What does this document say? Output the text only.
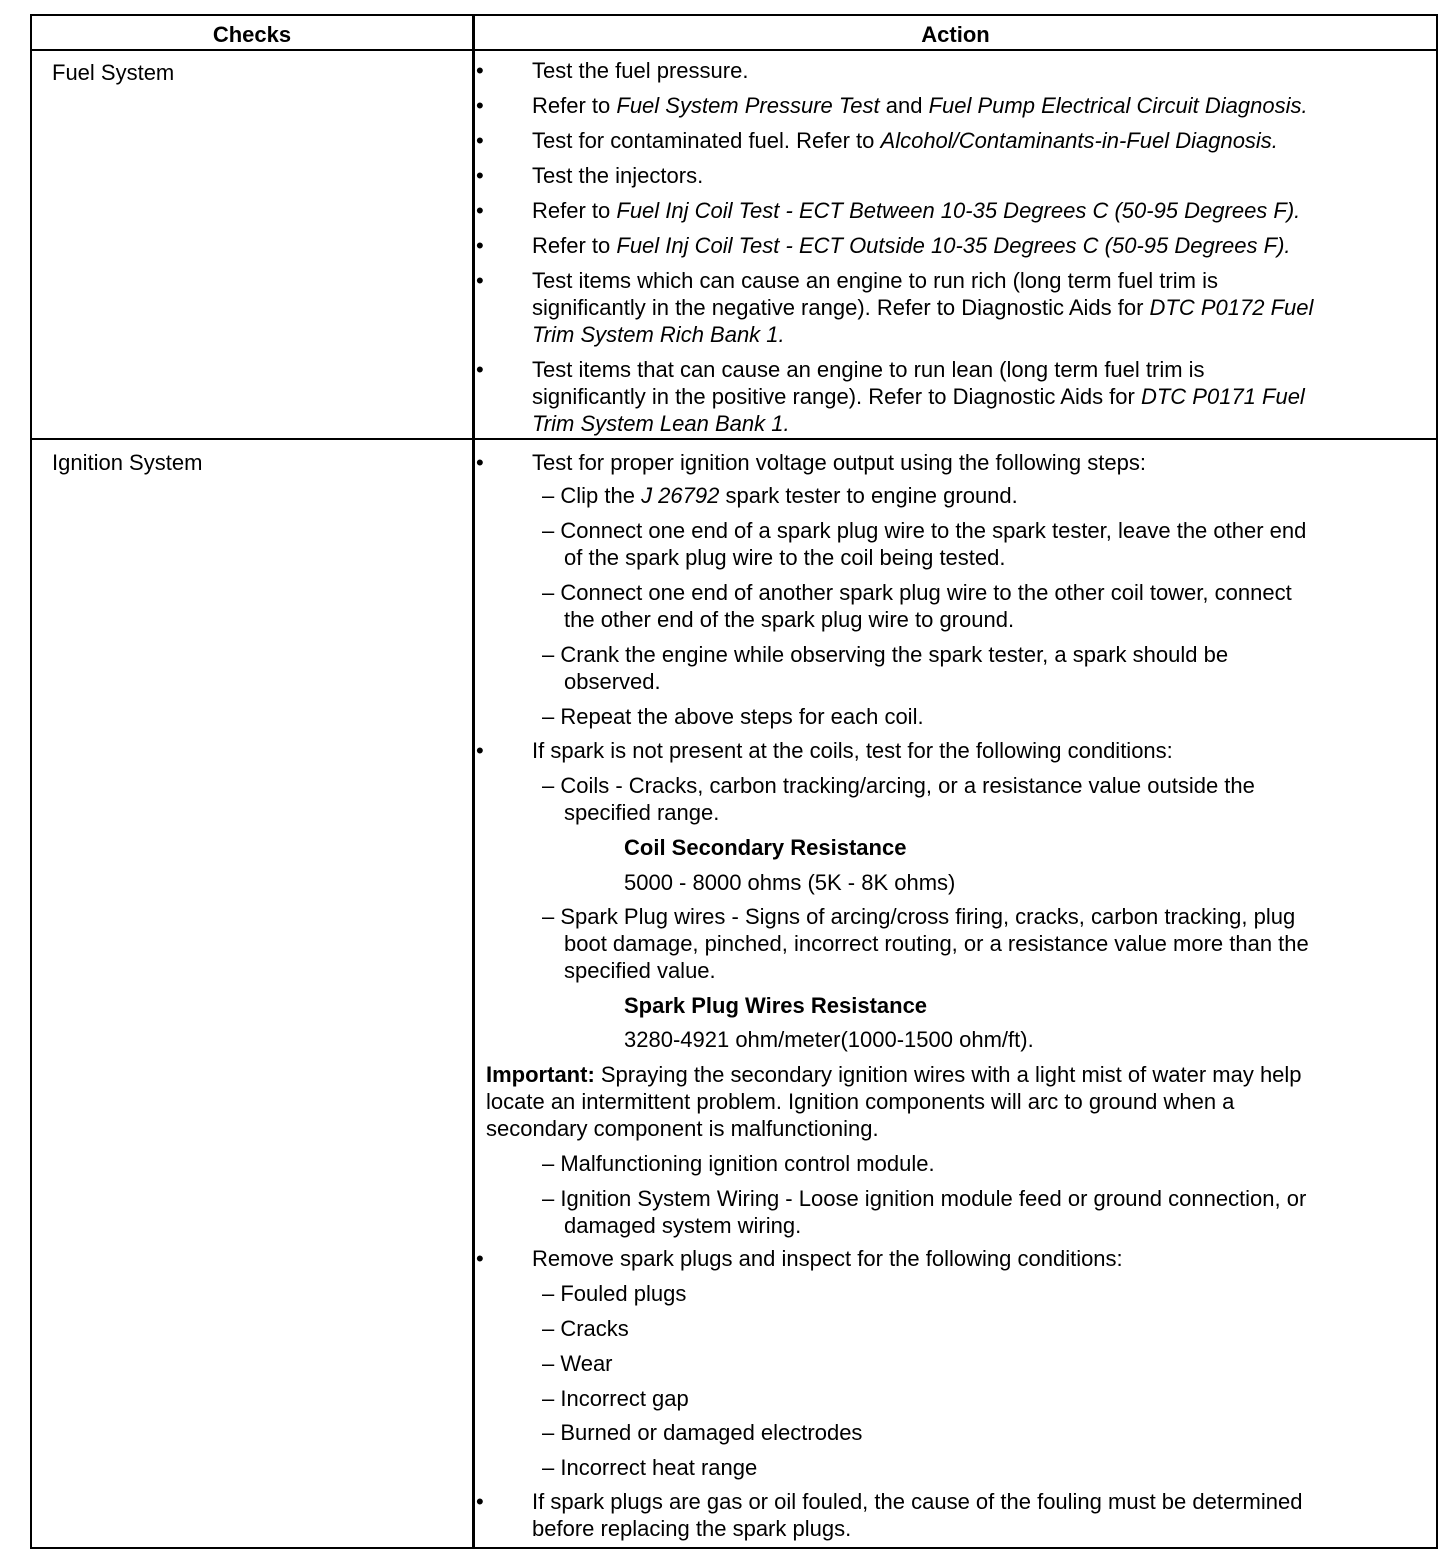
Checks	Action
Fuel System
Ignition System
• Test the fuel pressure.
• Refer to Fuel System Pressure Test and Fuel Pump Electrical Circuit Diagnosis.
• Test for contaminated fuel. Refer to Alcohol/Contaminants-in-Fuel Diagnosis.
• Test the injectors.
• Refer to Fuel Inj Coil Test - ECT Between 10-35 Degrees C (50-95 Degrees F).
• Refer to Fuel Inj Coil Test - ECT Outside 10-35 Degrees C (50-95 Degrees F).
• Test items which can cause an engine to run rich (long term fuel trim is
significantly in the negative range). Refer to Diagnostic Aids for DTC P0172 Fuel
Trim System Rich Bank 1.
• Test items that can cause an engine to run lean (long term fuel trim is
significantly in the positive range). Refer to Diagnostic Aids for DTC P0171 Fuel
Trim System Lean Bank 1.
• Test for proper ignition voltage output using the following steps:
– Clip the J 26792 spark tester to engine ground.
– Connect one end of a spark plug wire to the spark tester, leave the other end
of the spark plug wire to the coil being tested.
– Connect one end of another spark plug wire to the other coil tower, connect
the other end of the spark plug wire to ground.
– Crank the engine while observing the spark tester, a spark should be
observed.
– Repeat the above steps for each coil.
• If spark is not present at the coils, test for the following conditions:
– Coils - Cracks, carbon tracking/arcing, or a resistance value outside the
specified range.
Coil Secondary Resistance
5000 - 8000 ohms (5K - 8K ohms)
– Spark Plug wires - Signs of arcing/cross firing, cracks, carbon tracking, plug
boot damage, pinched, incorrect routing, or a resistance value more than the
specified value.
Spark Plug Wires Resistance
3280-4921 ohm/meter(1000-1500 ohm/ft).
Important: Spraying the secondary ignition wires with a light mist of water may help
locate an intermittent problem. Ignition components will arc to ground when a
secondary component is malfunctioning.
– Malfunctioning ignition control module.
– Ignition System Wiring - Loose ignition module feed or ground connection, or
damaged system wiring.
• Remove spark plugs and inspect for the following conditions:
– Fouled plugs
– Cracks
– Wear
– Incorrect gap
– Burned or damaged electrodes
– Incorrect heat range
• If spark plugs are gas or oil fouled, the cause of the fouling must be determined
before replacing the spark plugs.
